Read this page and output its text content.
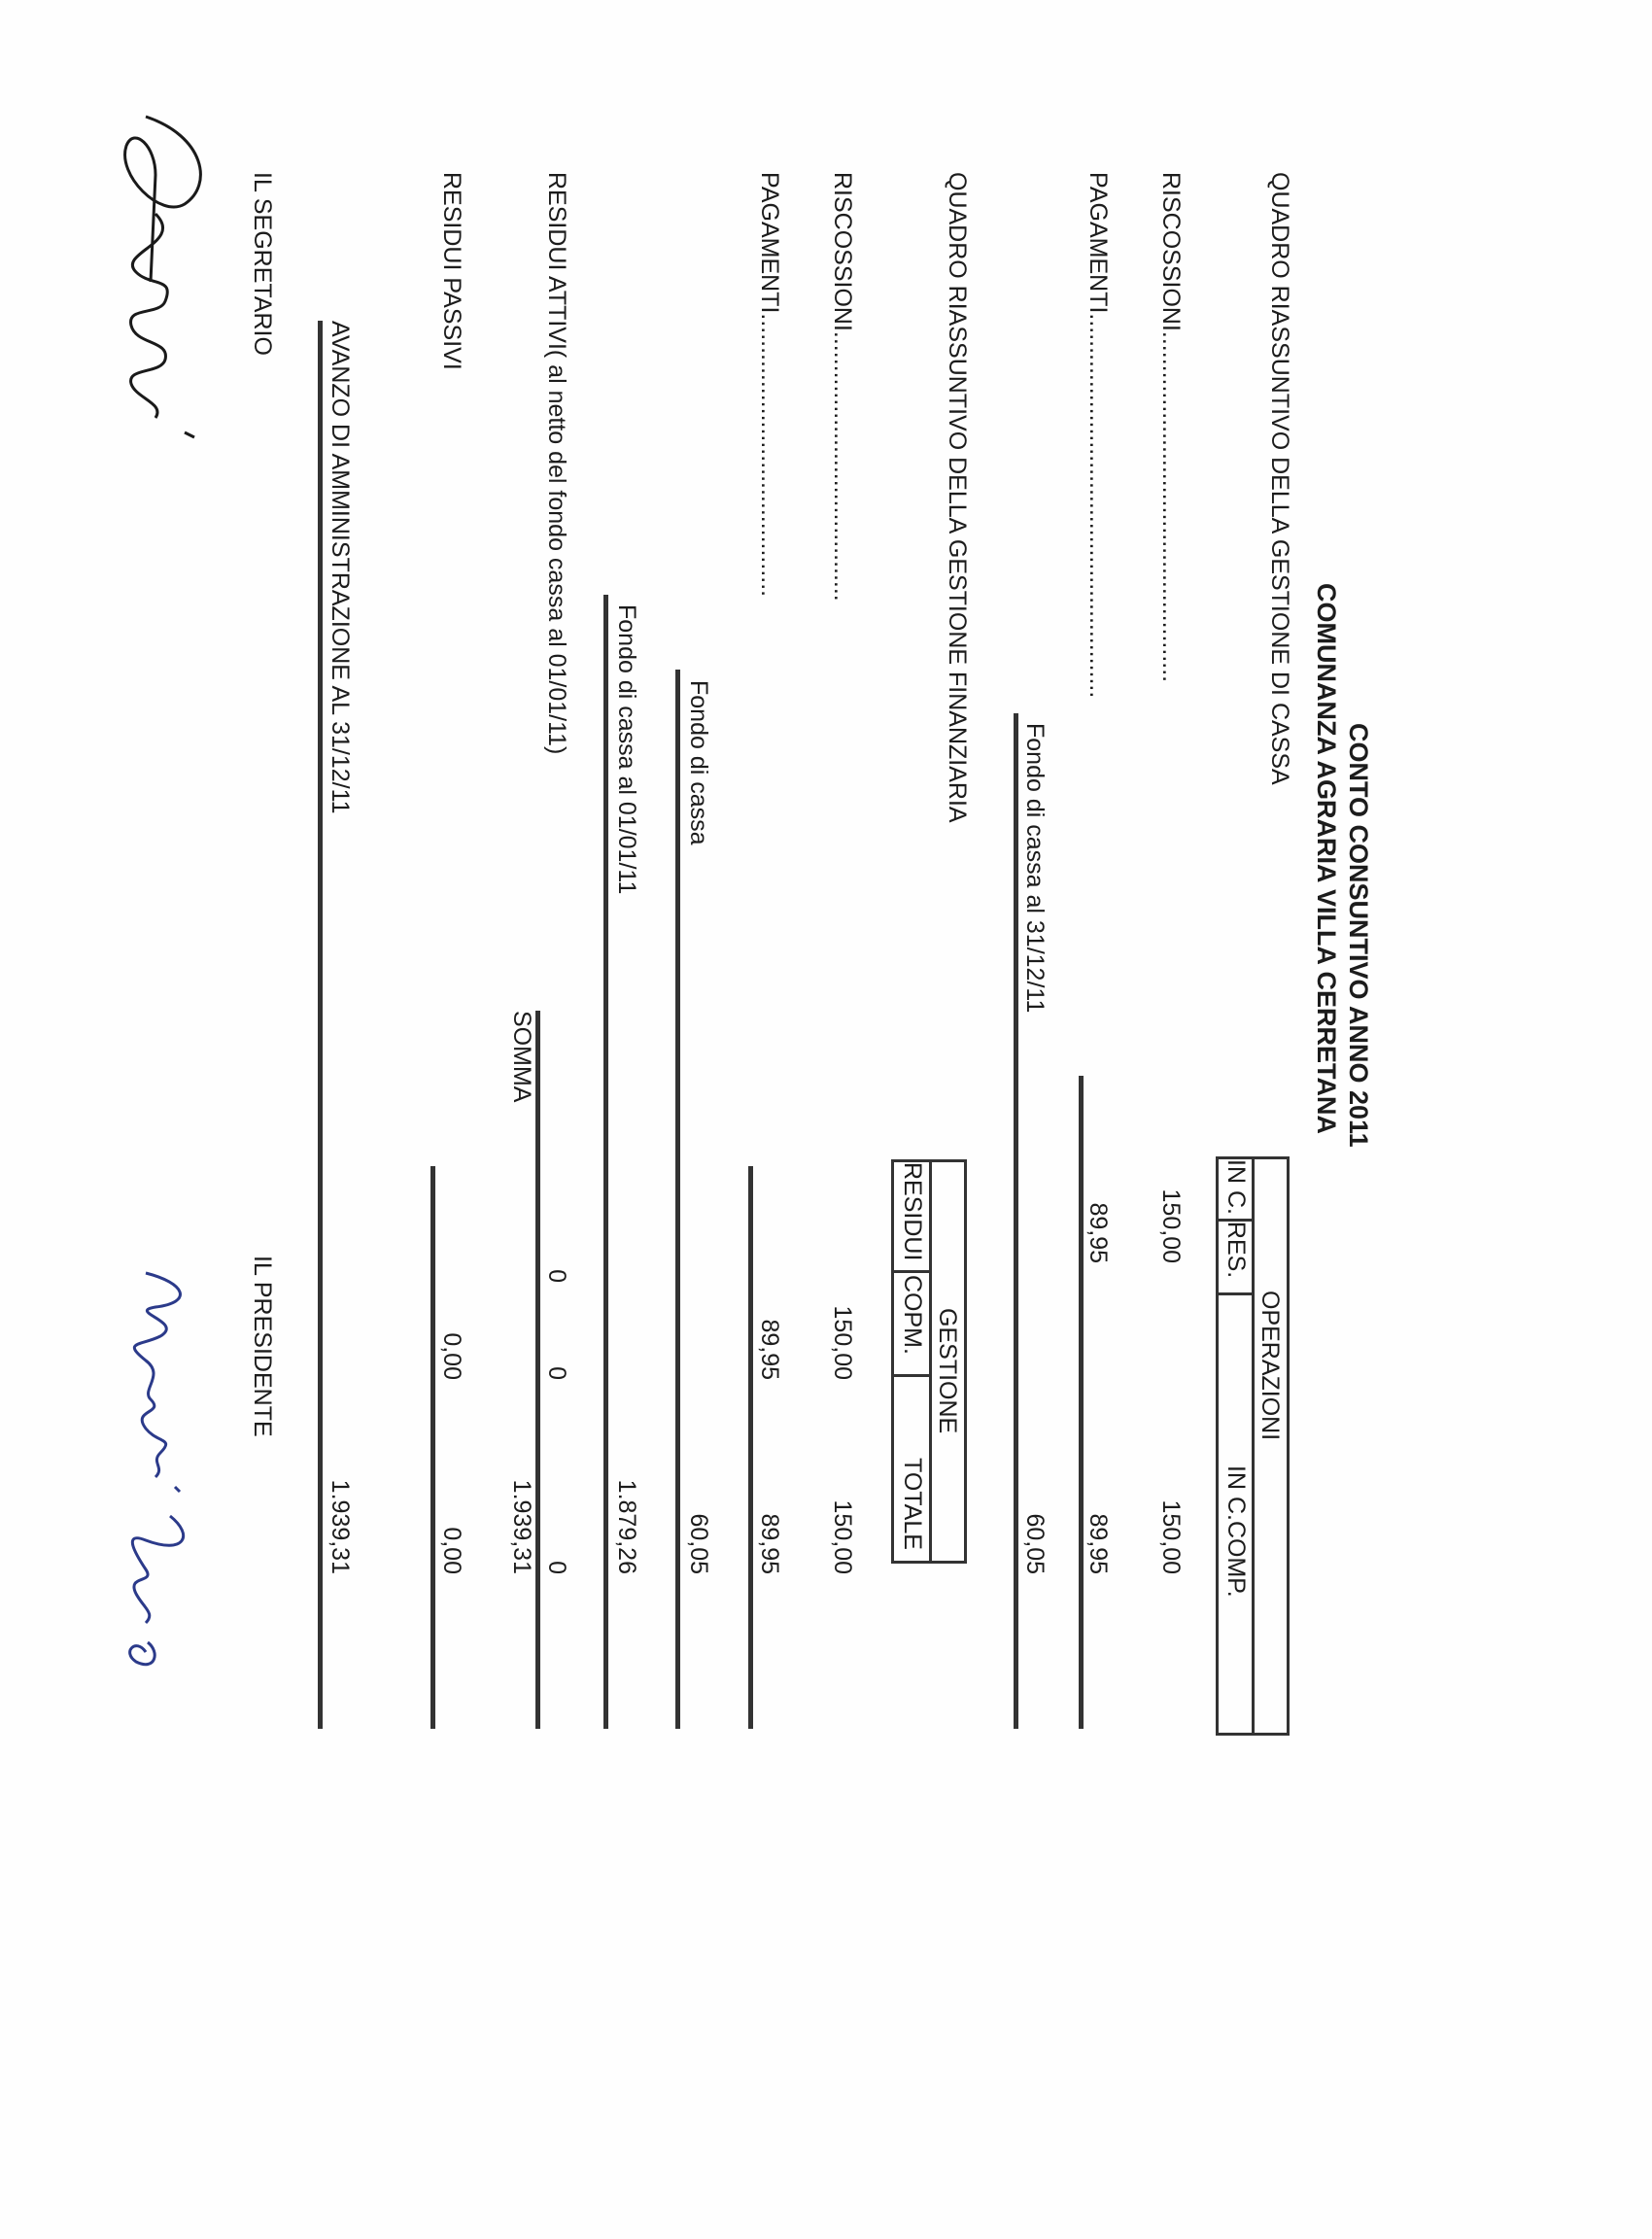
CONTO CONSUNTIVO ANNO 2011
COMUNANZA AGRARIA VILLA CERRETANA
QUADRO RIASSUNTIVO DELLA GESTIONE DI CASSA
OPERAZIONI
IN C. RES.
IN C.COMP.
RISCOSSIONI....................................................
150,00
150,00
PAGAMENTI.........................................................
89,95
89,95
Fondo di cassa al 31/12/11
60,05
QUADRO RIASSUNTIVO DELLA GESTIONE FINANZIARIA
GESTIONE
RESIDUI
COPM.
TOTALE
RISCOSSIONI........................................
150,00
150,00
PAGAMENTI..........................................
89,95
89,95
Fondo di cassa
60,05
Fondo di cassa al 01/01/11
1.879,26
RESIDUI ATTIVI( al netto del fondo cassa al 01/01/11)
0
0
0
SOMMA
1.939,31
RESIDUI PASSIVI
0,00
0,00
AVANZO DI AMMINISTRAZIONE AL 31/12/11
1.939,31
IL SEGRETARIO
IL PRESIDENTE
